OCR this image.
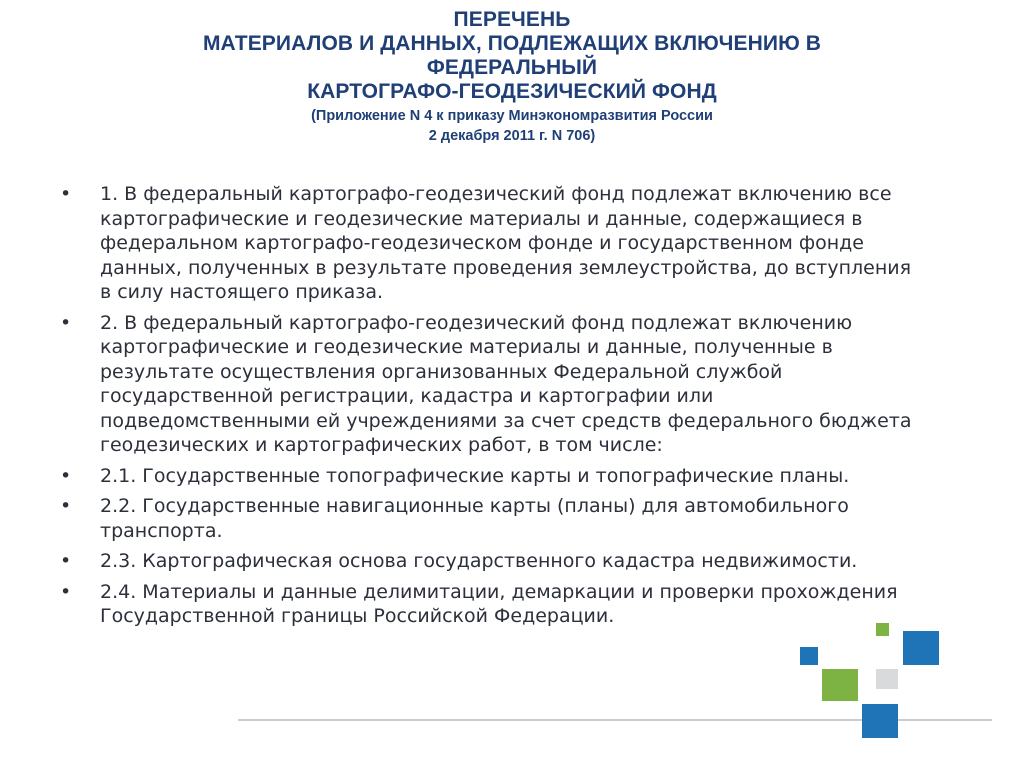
ПЕРЕЧЕНЬ
МАТЕРИАЛОВ И ДАННЫХ, ПОДЛЕЖАЩИХ ВКЛЮЧЕНИЮ В
ФЕДЕРАЛЬНЫЙ
КАРТОГРАФО-ГЕОДЕЗИЧЕСКИЙ ФОНД
(Приложение N 4 к приказу Минэкономразвития России
2 декабря 2011 г. N 706)
• 1. В федеральный картографо-геодезический фонд подлежат включению все картографические и геодезические материалы и данные, содержащиеся в федеральном картографо-геодезическом фонде и государственном фонде данных, полученных в результате проведения землеустройства, до вступления в силу настоящего приказа.
• 2. В федеральный картографо-геодезический фонд подлежат включению картографические и геодезические материалы и данные, полученные в результате осуществления организованных Федеральной службой государственной регистрации, кадастра и картографии или подведомственными ей учреждениями за счет средств федерального бюджета геодезических и картографических работ, в том числе:
• 2.1. Государственные топографические карты и топографические планы.
• 2.2. Государственные навигационные карты (планы) для автомобильного транспорта.
• 2.3. Картографическая основа государственного кадастра недвижимости.
• 2.4. Материалы и данные делимитации, демаркации и проверки прохождения Государственной границы Российской Федерации.
